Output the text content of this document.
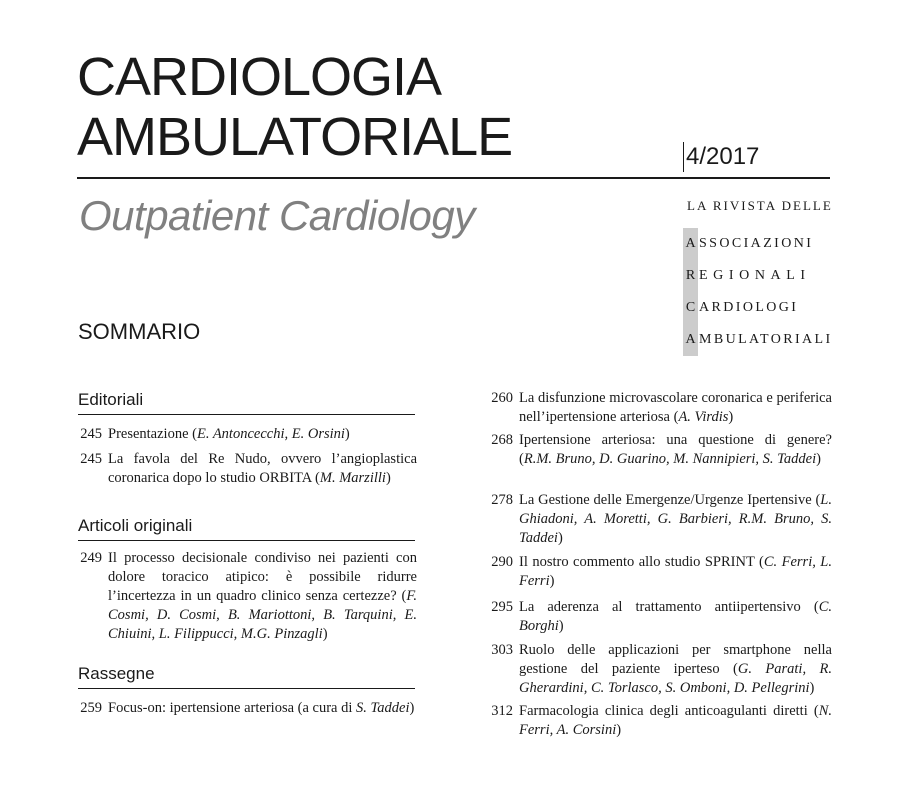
CARDIOLOGIA
AMBULATORIALE	4/2017
Outpatient Cardiology	LA RIVISTA DELLE
A SSOCIAZIONI
R EGIONALI
C ARDIOLOGI
A MBULATORIALI
SOMMARIO
Editoriali
245 Presentazione (E. Antoncecchi, E. Orsini)
245 La favola del Re Nudo, ovvero l’angioplastica coronarica dopo lo studio ORBITA (M. Marzilli)
Articoli originali
249 Il processo decisionale condiviso nei pazienti con dolore toracico atipico: è possibile ridurre l’incertezza in un quadro clinico senza certezze? (F. Cosmi, D. Cosmi, B. Mariottoni, B. Tarquini, E. Chiuini, L. Filippucci, M.G. Pinzagli)
Rassegne
259 Focus-on: ipertensione arteriosa (a cura di S. Taddei)
260 La disfunzione microvascolare coronarica e periferica nell’ipertensione arteriosa (A. Virdis)
268 Ipertensione arteriosa: una questione di genere? (R.M. Bruno, D. Guarino, M. Nannipieri, S. Taddei)
278 La Gestione delle Emergenze/Urgenze Ipertensive (L. Ghiadoni, A. Moretti, G. Barbieri, R.M. Bruno, S. Taddei)
290 Il nostro commento allo studio SPRINT (C. Ferri, L. Ferri)
295 La aderenza al trattamento antiipertensivo (C. Borghi)
303 Ruolo delle applicazioni per smartphone nella gestione del paziente iperteso (G. Parati, R. Gherardini, C. Torlasco, S. Omboni, D. Pellegrini)
312 Farmacologia clinica degli anticoagulanti diretti (N. Ferri, A. Corsini)
